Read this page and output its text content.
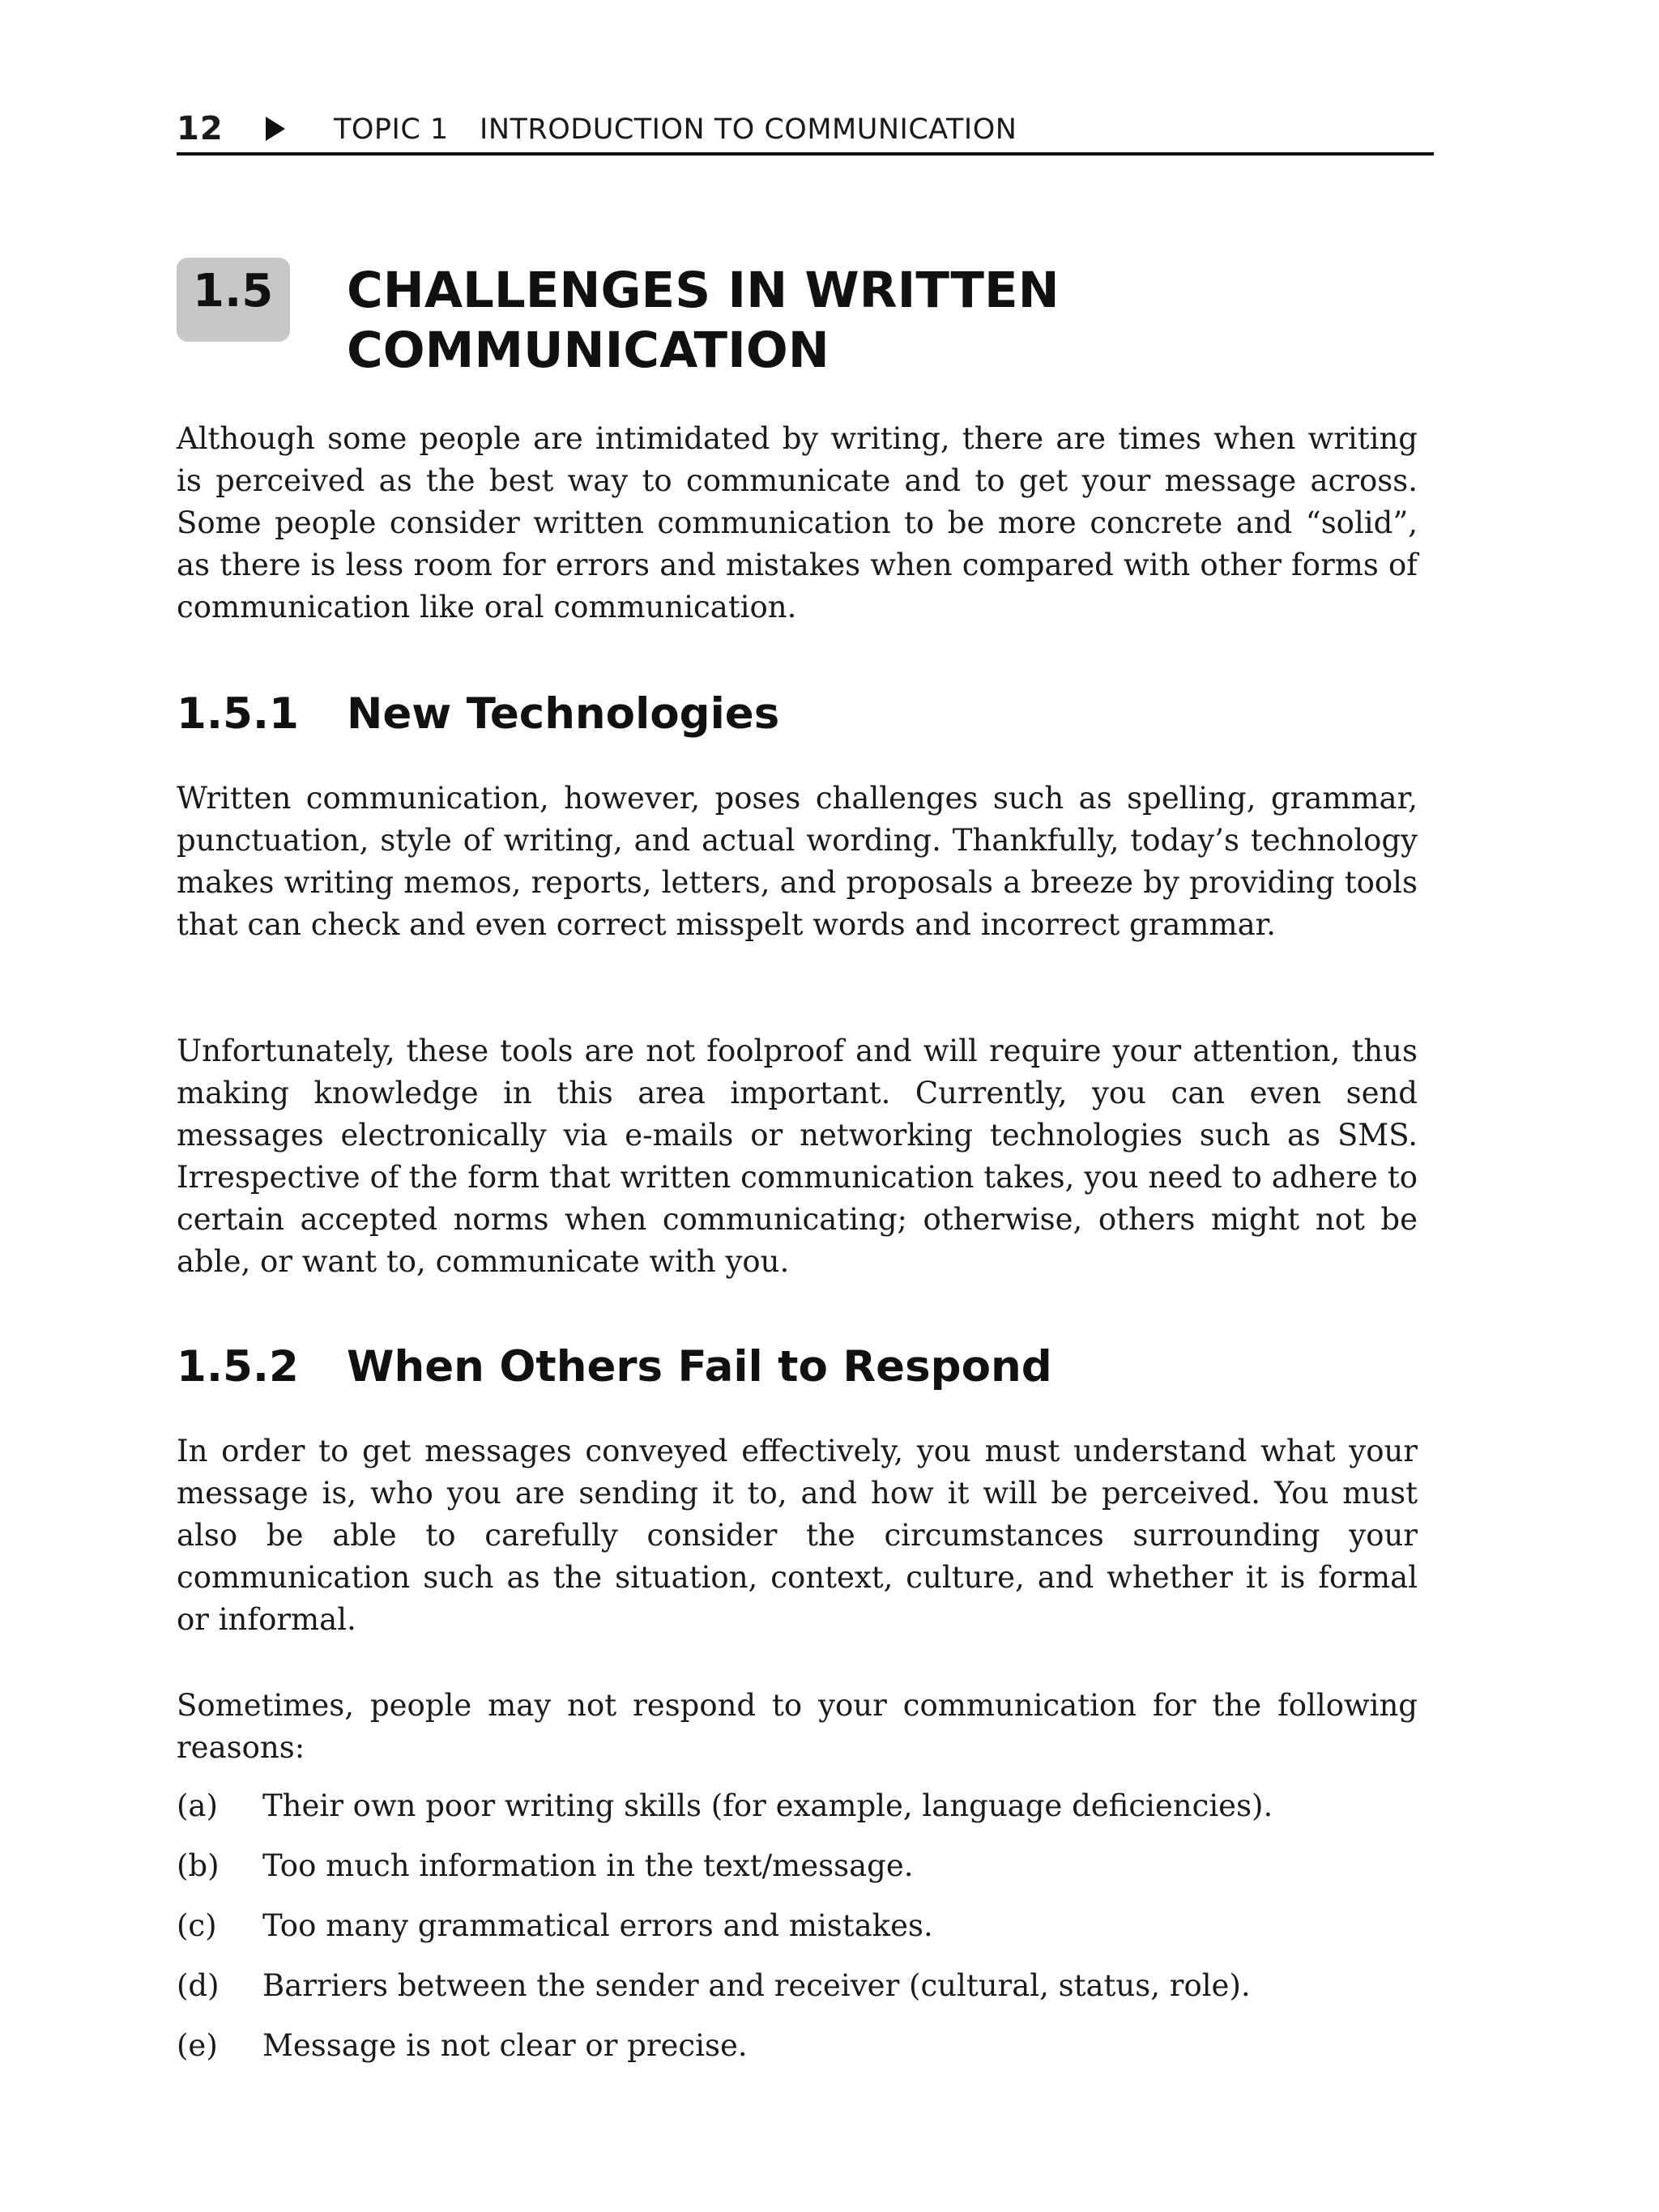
12	TOPIC 1 INTRODUCTION TO COMMUNICATION
1.5	CHALLENGES IN WRITTEN COMMUNICATION

Although some people are intimidated by writing, there are times when writing is perceived as the best way to communicate and to get your message across. Some people consider written communication to be more concrete and “solid”, as there is less room for errors and mistakes when compared with other forms of communication like oral communication.

1.5.1 New Technologies

Written communication, however, poses challenges such as spelling, grammar, punctuation, style of writing, and actual wording. Thankfully, today’s technology makes writing memos, reports, letters, and proposals a breeze by providing tools that can check and even correct misspelt words and incorrect grammar.

Unfortunately, these tools are not foolproof and will require your attention, thus making knowledge in this area important. Currently, you can even send messages electronically via e-mails or networking technologies such as SMS. Irrespective of the form that written communication takes, you need to adhere to certain accepted norms when communicating; otherwise, others might not be able, or want to, communicate with you.

1.5.2 When Others Fail to Respond

In order to get messages conveyed effectively, you must understand what your message is, who you are sending it to, and how it will be perceived. You must also be able to carefully consider the circumstances surrounding your communication such as the situation, context, culture, and whether it is formal or informal.

Sometimes, people may not respond to your communication for the following reasons:

(a) Their own poor writing skills (for example, language deficiencies).
(b) Too much information in the text/message.
(c) Too many grammatical errors and mistakes.
(d) Barriers between the sender and receiver (cultural, status, role).
(e) Message is not clear or precise.
